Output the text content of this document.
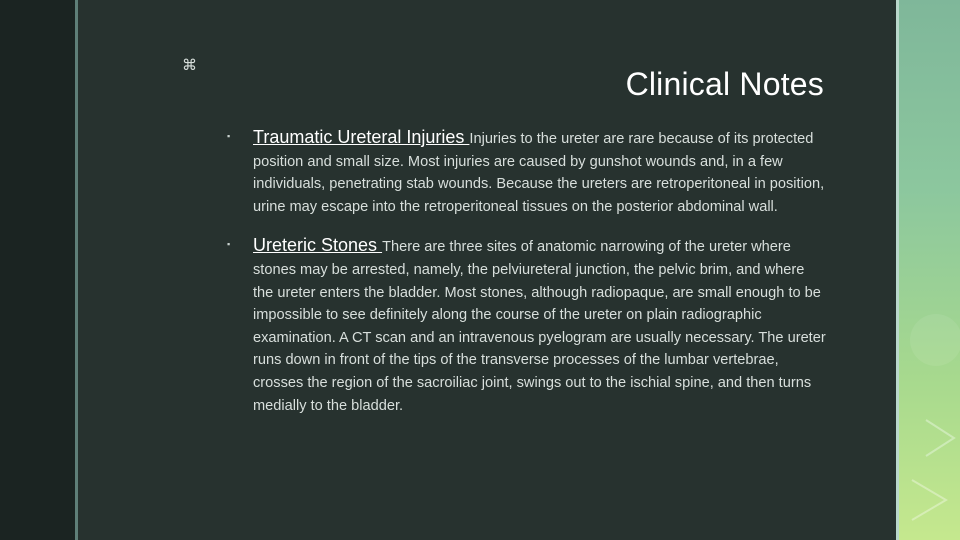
⌘
Clinical Notes
▪ Traumatic Ureteral Injuries Injuries to the ureter are rare because of its protected position and small size. Most injuries are caused by gunshot wounds and, in a few individuals, penetrating stab wounds. Because the ureters are retroperitoneal in position, urine may escape into the retroperitoneal tissues on the posterior abdominal wall.
▪ Ureteric Stones There are three sites of anatomic narrowing of the ureter where stones may be arrested, namely, the pelviureteral junction, the pelvic brim, and where the ureter enters the bladder. Most stones, although radiopaque, are small enough to be impossible to see definitely along the course of the ureter on plain radiographic examination. A CT scan and an intravenous pyelogram are usually necessary. The ureter runs down in front of the tips of the transverse processes of the lumbar vertebrae, crosses the region of the sacroiliac joint, swings out to the ischial spine, and then turns medially to the bladder.
